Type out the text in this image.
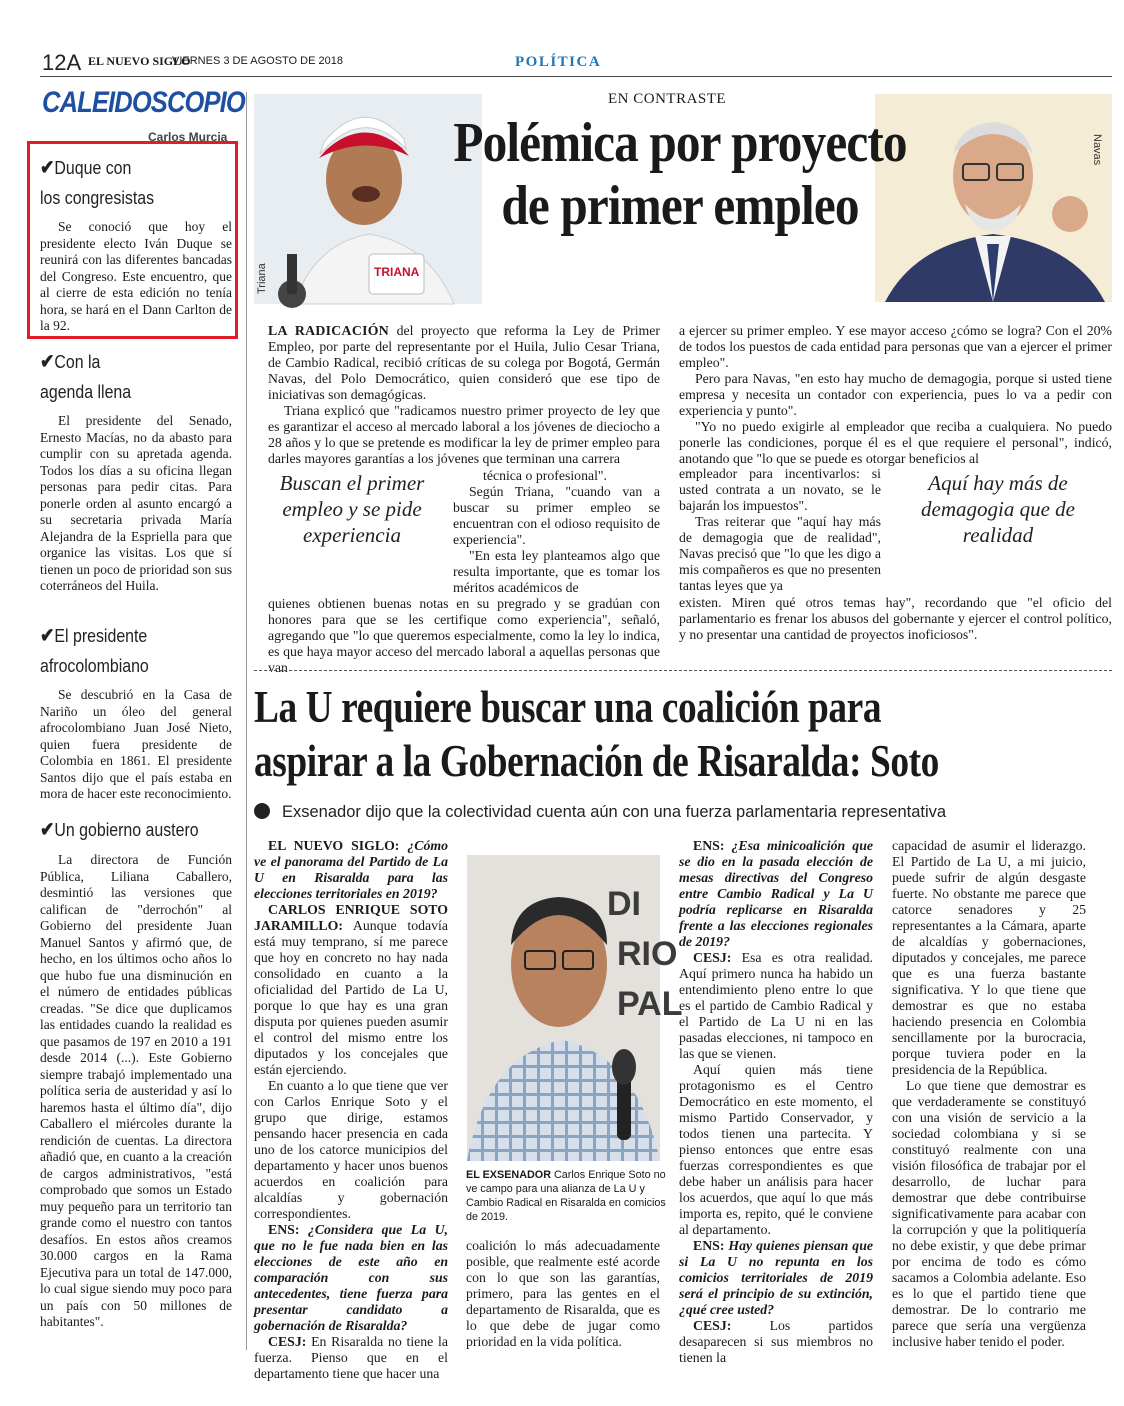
12A EL NUEVO SIGLO
VIERNES 3 DE AGOSTO DE 2018	POLÍTICA
CALEIDOSCOPIO
Carlos Murcia
✔Duque con
los congresistas
Se conoció que hoy el presidente electo Iván Duque se reunirá con las diferentes bancadas del Congreso. Este encuentro, que al cierre de esta edición no tenía hora, se hará en el Dann Carlton de la 92.
✔Con la
agenda llena
El presidente del Senado, Ernesto Macías, no da abasto para cumplir con su apretada agenda. Todos los días a su oficina llegan personas para pedir citas. Para ponerle orden al asunto encargó a su secretaria privada María Alejandra de la Espriella para que organice las visitas. Los que sí tienen un poco de prioridad son sus coterráneos del Huila.
✔El presidente
afrocolombiano
Se descubrió en la Casa de Nariño un óleo del general afrocolombiano Juan José Nieto, quien fuera presidente de Colombia en 1861. El presidente Santos dijo que el país estaba en mora de hacer este reconocimiento.
✔Un gobierno austero
La directora de Función Pública, Liliana Caballero, desmintió las versiones que califican de "derrochón" al Gobierno del presidente Juan Manuel Santos y afirmó que, de hecho, en los últimos ocho años lo que hubo fue una disminución en el número de entidades públicas creadas. "Se dice que duplicamos las entidades cuando la realidad es que pasamos de 197 en 2010 a 191 desde 2014 (...). Este Gobierno siempre trabajó implementado una política seria de austeridad y así lo haremos hasta el último día", dijo Caballero el miércoles durante la rendición de cuentas. La directora añadió que, en cuanto a la creación de cargos administrativos, "está comprobado que somos un Estado muy pequeño para un territorio tan grande como el nuestro con tantos desafíos. En estos años creamos 30.000 cargos en la Rama Ejecutiva para un total de 147.000, lo cual sigue siendo muy poco para un país con 50 millones de habitantes".
TRIANA
Triana
Navas
EN CONTRASTE
Polémica por proyecto de primer empleo

LA RADICACIÓN del proyecto que reforma la Ley de Primer Empleo, por parte del representante por el Huila, Julio Cesar Triana, de Cambio Radical, recibió críticas de su colega por Bogotá, Germán Navas, del Polo Democrático, quien consideró que ese tipo de iniciativas son demagógicas.

Triana explicó que "radicamos nuestro primer proyecto de ley que es garantizar el acceso al mercado laboral a los jóvenes de dieciocho a 28 años y lo que se pretende es modificar la ley de primer empleo para darles mayores garantías a los jóvenes que terminan una carrera

Buscan el primer empleo y se pide experiencia

técnica o profesional".

Según Triana, "cuando van a buscar su primer empleo se encuentran con el odioso requisito de experiencia".

"En esta ley planteamos algo que resulta importante, que es tomar los méritos académicos de

quienes obtienen buenas notas en su pregrado y se gradúan con honores para que se les certifique como experiencia", señaló, agregando que "lo que queremos especialmente, como la ley lo indica, es que haya mayor acceso del mercado laboral a aquellas personas que van

a ejercer su primer empleo. Y ese mayor acceso ¿cómo se logra? Con el 20% de todos los puestos de cada entidad para personas que van a ejercer el primer empleo".

Pero para Navas, "en esto hay mucho de demagogia, porque si usted tiene empresa y necesita un contador con experiencia, pues lo va a pedir con experiencia y punto".

"Yo no puedo exigirle al empleador que reciba a cualquiera. No puedo ponerle las condiciones, porque él es el que requiere el personal", indicó, anotando que "lo que se puede es otorgar beneficios al

empleador para incentivarlos: si usted contrata a un novato, se le bajarán los impuestos".

Tras reiterar que "aquí hay más de demagogia que de realidad", Navas precisó que "lo que les digo a mis compañeros es que no presenten tantas leyes que ya

Aquí hay más de demagogia que de realidad

existen. Miren qué otros temas hay", recordando que "el oficio del parlamentario es frenar los abusos del gobernante y ejercer el control político, y no presentar una cantidad de proyectos inoficiosos".

La U requiere buscar una coalición para
aspirar a la Gobernación de Risaralda: Soto
Exsenador dijo que la colectividad cuenta aún con una fuerza parlamentaria representativa

EL NUEVO SIGLO: ¿Cómo ve el panorama del Partido de La U en Risaralda para las elecciones territoriales en 2019?

CARLOS ENRIQUE SOTO JARAMILLO: Aunque todavía está muy temprano, sí me parece que hoy en concreto no hay nada consolidado en cuanto a la oficialidad del Partido de La U, porque lo que hay es una gran disputa por quienes pueden asumir el control del mismo entre los diputados y los concejales que están ejerciendo.

En cuanto a lo que tiene que ver con Carlos Enrique Soto y el grupo que dirige, estamos pensando hacer presencia en cada uno de los catorce municipios del departamento y hacer unos buenos acuerdos en coalición para alcaldías y gobernación correspondientes.

ENS: ¿Considera que La U, que no le fue nada bien en las elecciones de este año en comparación con sus antecedentes, tiene fuerza para presentar candidato a gobernación de Risaralda?

CESJ: En Risaralda no tiene la fuerza. Pienso que en el departamento tiene que hacer una

DI
RIO
PAL
EL EXSENADOR Carlos Enrique Soto no ve campo para una alianza de La U y Cambio Radical en Risaralda en comicios de 2019.

coalición lo más adecuadamente posible, que realmente esté acorde con lo que son las garantías, primero, para las gentes en el departamento de Risaralda, que es lo que debe de jugar como prioridad en la vida política.

ENS: ¿Esa minicoalición que se dio en la pasada elección de mesas directivas del Congreso entre Cambio Radical y La U podría replicarse en Risaralda frente a las elecciones regionales de 2019?

CESJ: Esa es otra realidad. Aquí primero nunca ha habido un entendimiento pleno entre lo que es el partido de Cambio Radical y el Partido de La U ni en las pasadas elecciones, ni tampoco en las que se vienen.

Aquí quien más tiene protagonismo es el Centro Democrático en este momento, el mismo Partido Conservador, y todos tienen una partecita. Y pienso entonces que entre esas fuerzas correspondientes es que debe haber un análisis para hacer los acuerdos, que aquí lo que más importa es, repito, qué le conviene al departamento.

ENS: Hay quienes piensan que si La U no repunta en los comicios territoriales de 2019 será el principio de su extinción, ¿qué cree usted?

CESJ: Los partidos desaparecen si sus miembros no tienen la

capacidad de asumir el liderazgo. El Partido de La U, a mi juicio, puede sufrir de algún desgaste fuerte. No obstante me parece que catorce senadores y 25 representantes a la Cámara, aparte de alcaldías y gobernaciones, diputados y concejales, me parece que es una fuerza bastante significativa. Y lo que tiene que demostrar es que no estaba haciendo presencia en Colombia sencillamente por la burocracia, porque tuviera poder en la presidencia de la República.

Lo que tiene que demostrar es que verdaderamente se constituyó con una visión de servicio a la sociedad colombiana y si se constituyó realmente con una visión filosófica de trabajar por el desarrollo, de luchar para demostrar que debe contribuirse significativamente para acabar con la corrupción y que la politiquería no debe existir, y que debe primar por encima de todo es cómo sacamos a Colombia adelante. Eso es lo que el partido tiene que demostrar. De lo contrario me parece que sería una vergüenza inclusive haber tenido el poder.
